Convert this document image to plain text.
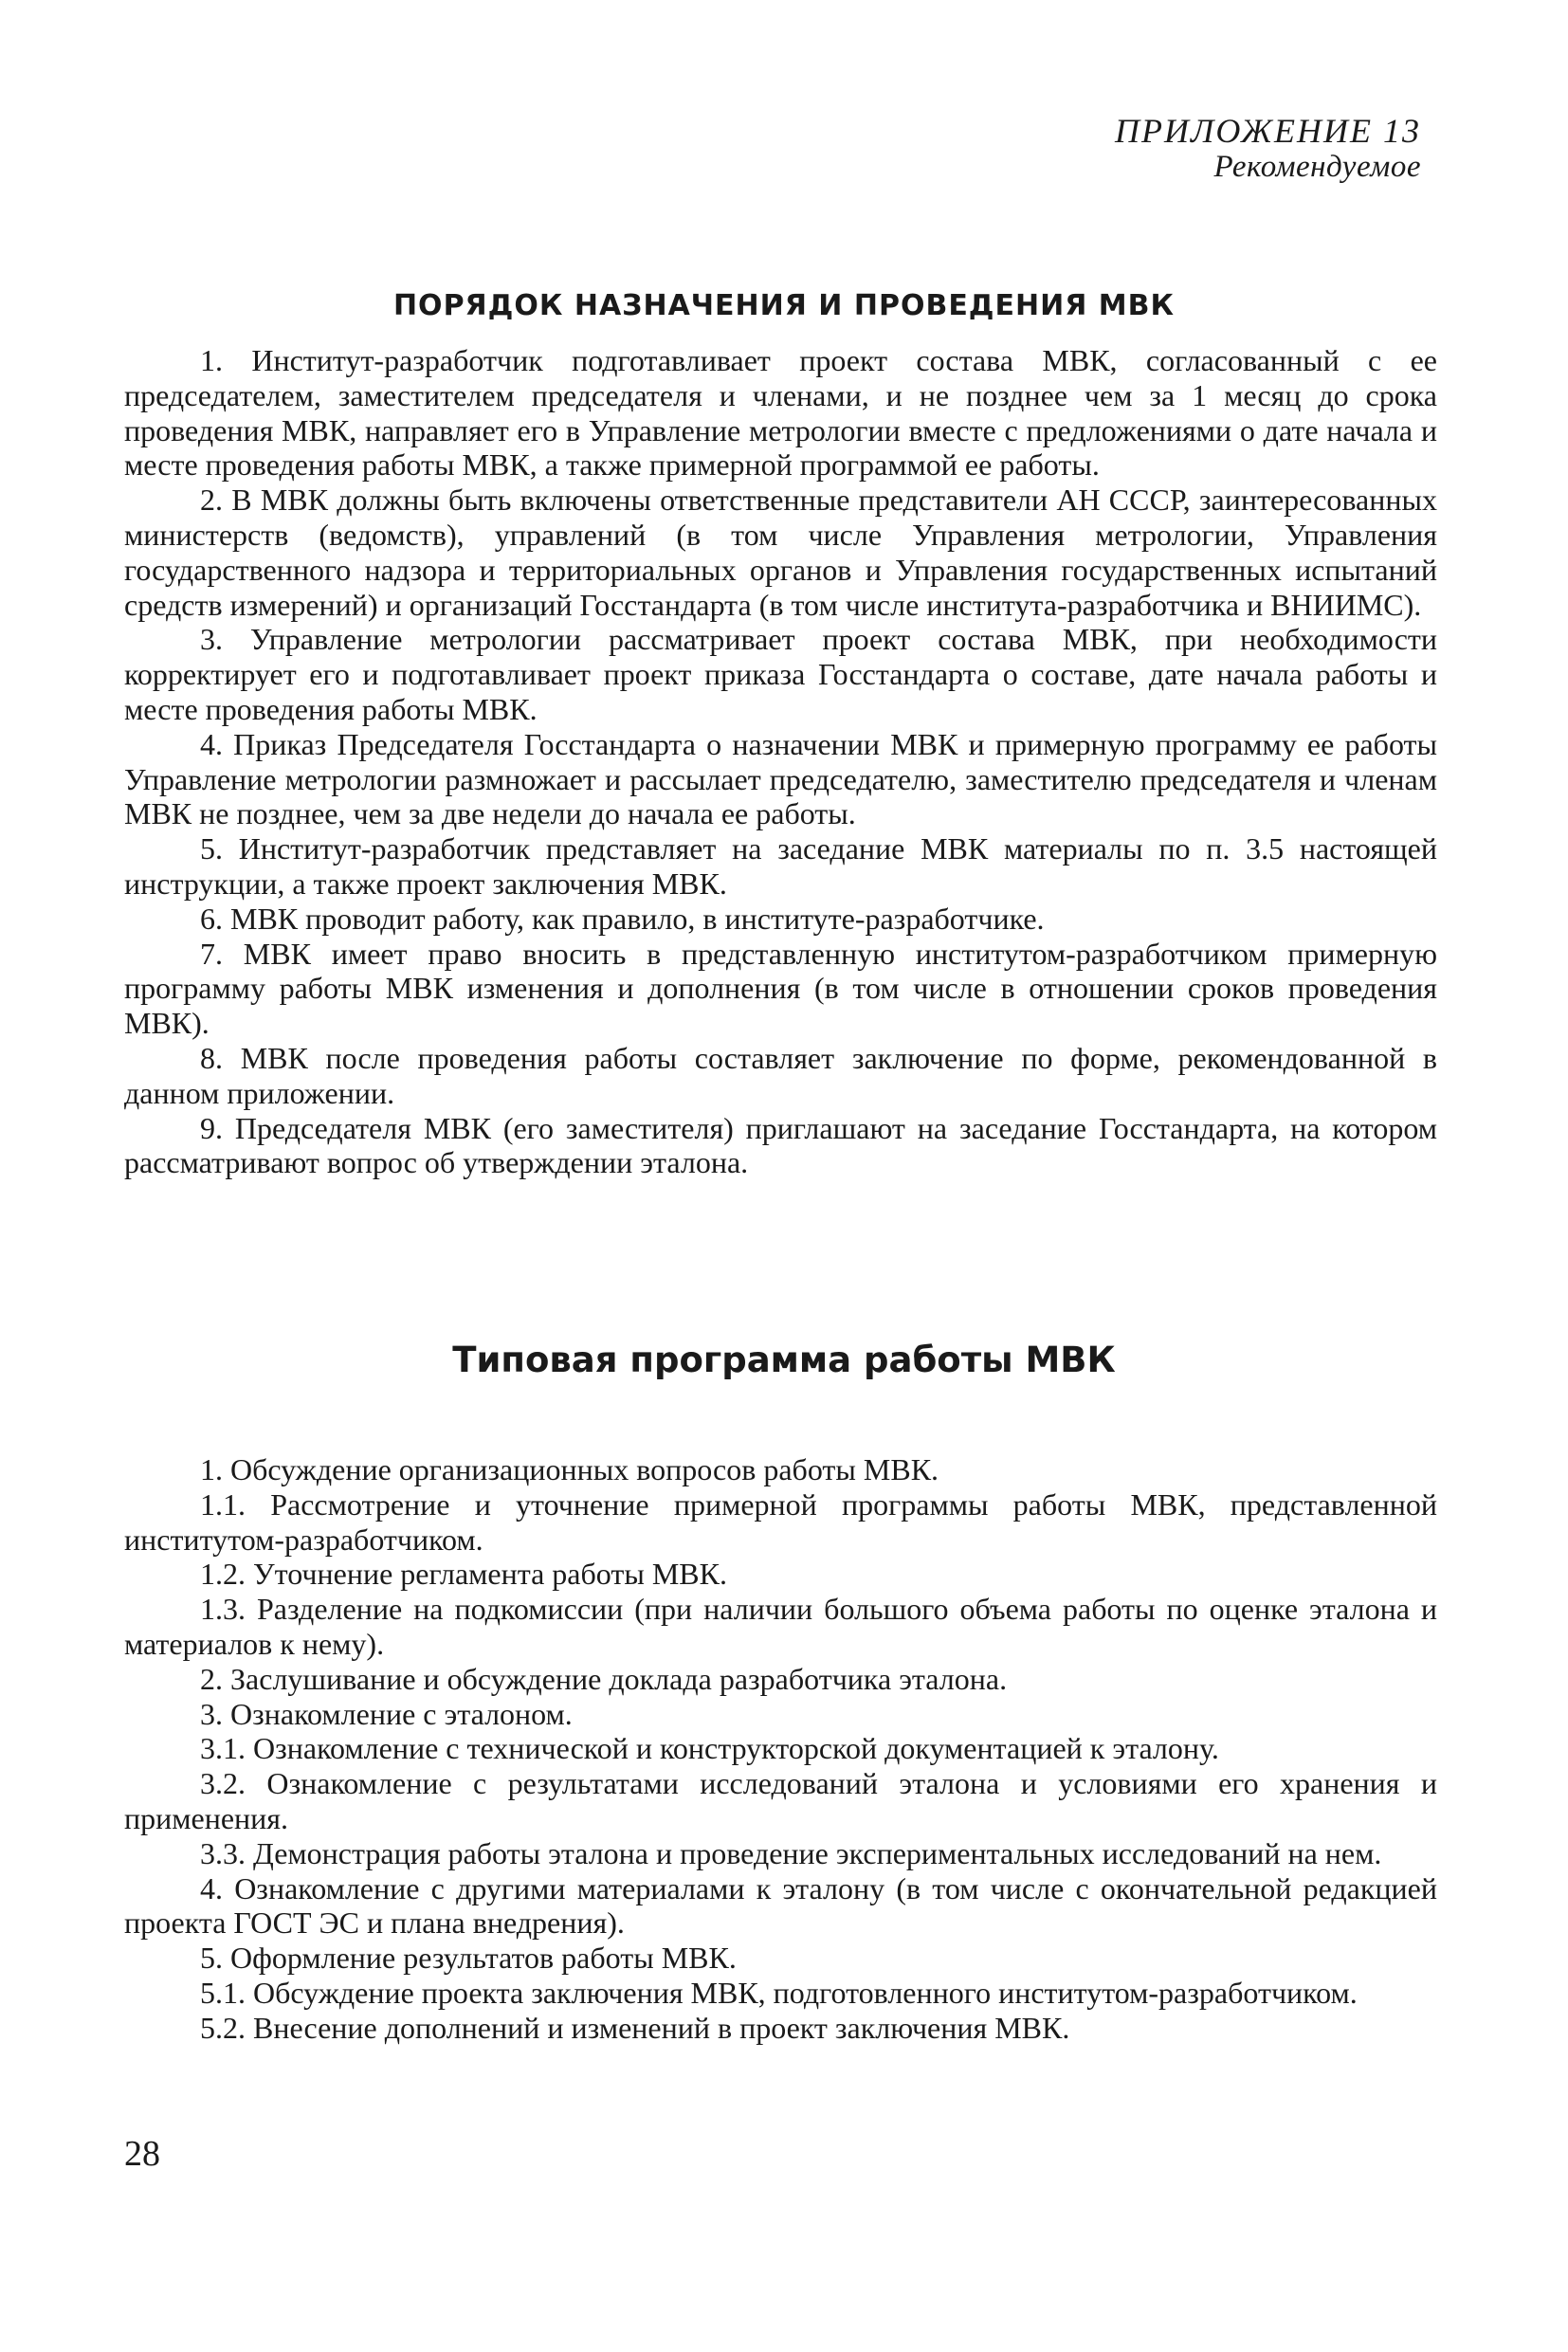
ПРИЛОЖЕНИЕ 13
Рекомендуемое
ПОРЯДОК НАЗНАЧЕНИЯ И ПРОВЕДЕНИЯ МВК

1. Институт-разработчик подготавливает проект состава МВК, согласованный с ее председателем, заместителем председателя и членами, и не позднее чем за 1 месяц до срока проведения МВК, направляет его в Управление метрологии вместе с предложениями о дате начала и месте проведения работы МВК, а также примерной программой ее работы.

2. В МВК должны быть включены ответственные представители АН СССР, заинтересованных министерств (ведомств), управлений (в том числе Управления метрологии, Управления государственного надзора и территориальных органов и Управления государственных испытаний средств измерений) и организаций Госстандарта (в том числе института-разработчика и ВНИИМС).

3. Управление метрологии рассматривает проект состава МВК, при необходимости корректирует его и подготавливает проект приказа Госстандарта о составе, дате начала работы и месте проведения работы МВК.

4. Приказ Председателя Госстандарта о назначении МВК и примерную программу ее работы Управление метрологии размножает и рассылает председателю, заместителю председателя и членам МВК не позднее, чем за две недели до начала ее работы.

5. Институт-разработчик представляет на заседание МВК материалы по п. 3.5 настоящей инструкции, а также проект заключения МВК.

6. МВК проводит работу, как правило, в институте-разработчике.

7. МВК имеет право вносить в представленную институтом-разработчиком примерную программу работы МВК изменения и дополнения (в том числе в отношении сроков проведения МВК).

8. МВК после проведения работы составляет заключение по форме, рекомендованной в данном приложении.

9. Председателя МВК (его заместителя) приглашают на заседание Госстандарта, на котором рассматривают вопрос об утверждении эталона.

Типовая программа работы МВК

1. Обсуждение организационных вопросов работы МВК.

1.1. Рассмотрение и уточнение примерной программы работы МВК, представленной институтом-разработчиком.

1.2. Уточнение регламента работы МВК.

1.3. Разделение на подкомиссии (при наличии большого объема работы по оценке эталона и материалов к нему).

2. Заслушивание и обсуждение доклада разработчика эталона.

3. Ознакомление с эталоном.

3.1. Ознакомление с технической и конструкторской документацией к эталону.

3.2. Ознакомление с результатами исследований эталона и условиями его хранения и применения.

3.3. Демонстрация работы эталона и проведение экспериментальных исследований на нем.

4. Ознакомление с другими материалами к эталону (в том числе с окончательной редакцией проекта ГОСТ ЭС и плана внедрения).

5. Оформление результатов работы МВК.

5.1. Обсуждение проекта заключения МВК, подготовленного институтом-разработчиком.

5.2. Внесение дополнений и изменений в проект заключения МВК.

28
